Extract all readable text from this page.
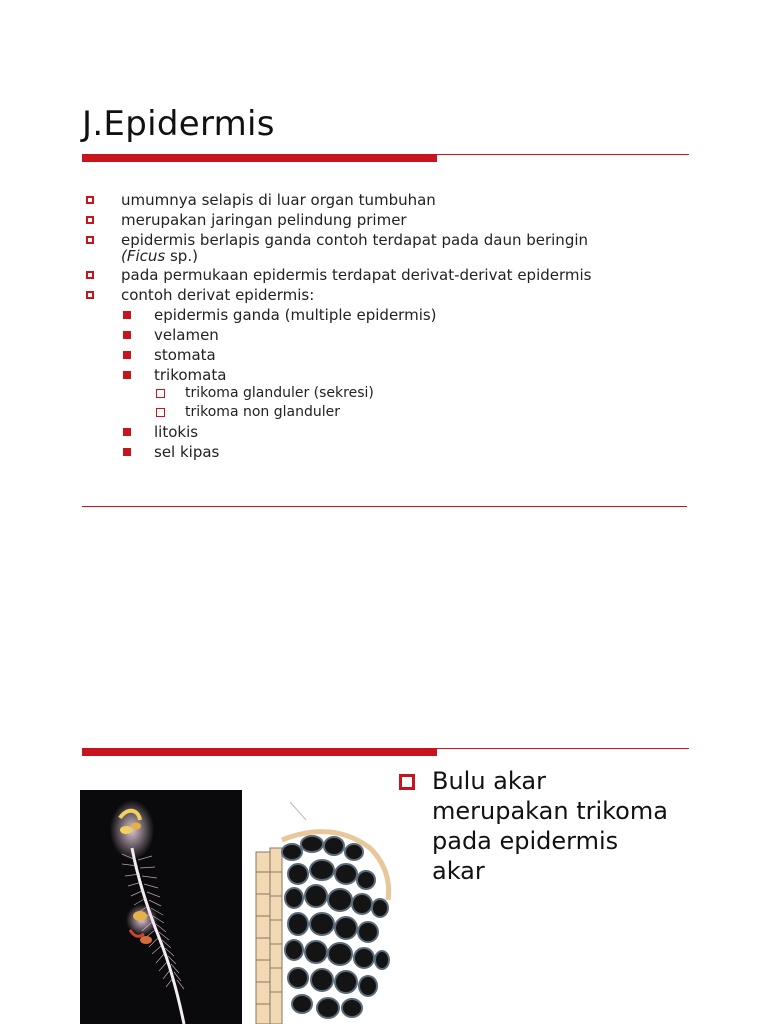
J.Epidermis
umumnya selapis di luar organ tumbuhan
merupakan jaringan pelindung primer
epidermis berlapis ganda contoh terdapat pada daun beringin
(Ficus sp.)
pada permukaan epidermis terdapat derivat-derivat epidermis
contoh derivat epidermis:
epidermis ganda (multiple epidermis)
velamen
stomata
trikomata
trikoma glanduler (sekresi)
trikoma non glanduler
litokis
sel kipas
Bulu akar
merupakan trikoma
pada epidermis
akar
